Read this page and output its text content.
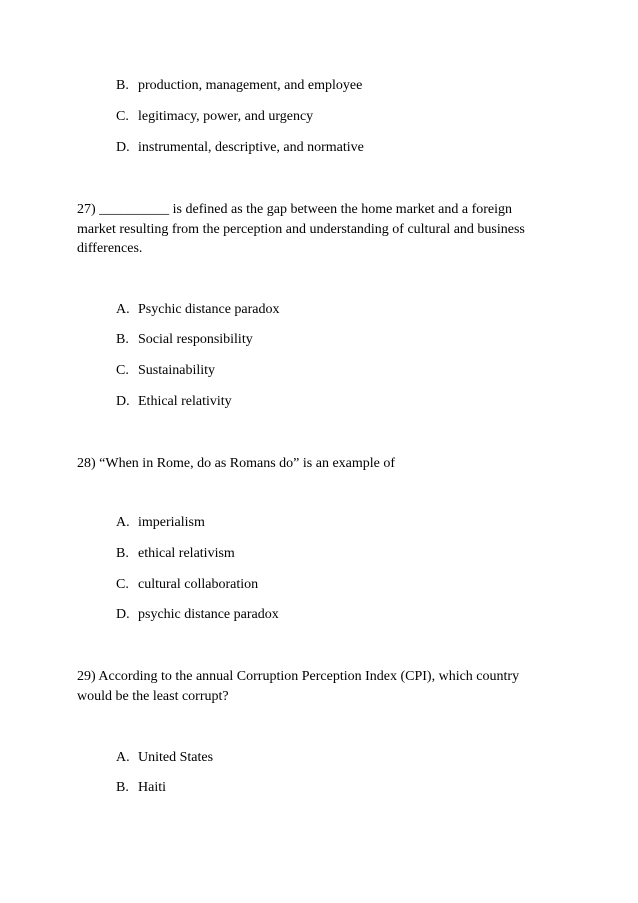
B. production, management, and employee
C. legitimacy, power, and urgency
D. instrumental, descriptive, and normative
27) __________ is defined as the gap between the home market and a foreign
market resulting from the perception and understanding of cultural and business
differences.
A. Psychic distance paradox
B. Social responsibility
C. Sustainability
D. Ethical relativity
28) “When in Rome, do as Romans do” is an example of
A. imperialism
B. ethical relativism
C. cultural collaboration
D. psychic distance paradox
29) According to the annual Corruption Perception Index (CPI), which country
would be the least corrupt?
A. United States
B. Haiti
